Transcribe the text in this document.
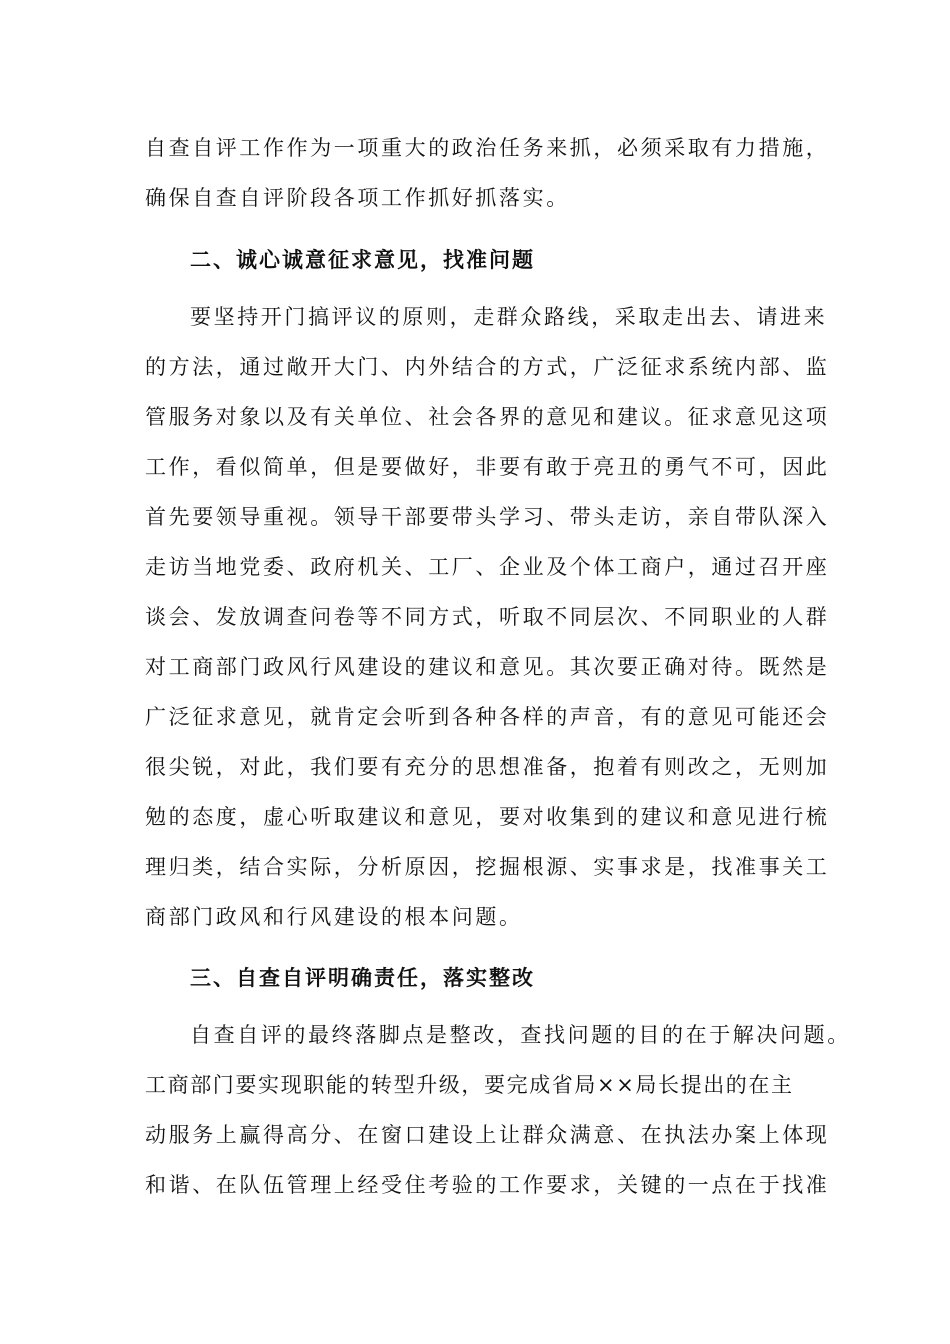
自查自评工作作为一项重大的政治任务来抓，必须采取有力措施，
确保自查自评阶段各项工作抓好抓落实。
二、诚心诚意征求意见，找准问题
要坚持开门搞评议的原则，走群众路线，采取走出去、请进来
的方法，通过敞开大门、内外结合的方式，广泛征求系统内部、监
管服务对象以及有关单位、社会各界的意见和建议。征求意见这项
工作，看似简单，但是要做好，非要有敢于亮丑的勇气不可，因此
首先要领导重视。领导干部要带头学习、带头走访，亲自带队深入
走访当地党委、政府机关、工厂、企业及个体工商户，通过召开座
谈会、发放调查问卷等不同方式，听取不同层次、不同职业的人群
对工商部门政风行风建设的建议和意见。其次要正确对待。既然是
广泛征求意见，就肯定会听到各种各样的声音，有的意见可能还会
很尖锐，对此，我们要有充分的思想准备，抱着有则改之，无则加
勉的态度，虚心听取建议和意见，要对收集到的建议和意见进行梳
理归类，结合实际，分析原因，挖掘根源、实事求是，找准事关工
商部门政风和行风建设的根本问题。
三、自查自评明确责任，落实整改
自查自评的最终落脚点是整改，查找问题的目的在于解决问题。
工商部门要实现职能的转型升级，要完成省局××局长提出的在主
动服务上赢得高分、在窗口建设上让群众满意、在执法办案上体现
和谐、在队伍管理上经受住考验的工作要求，关键的一点在于找准
